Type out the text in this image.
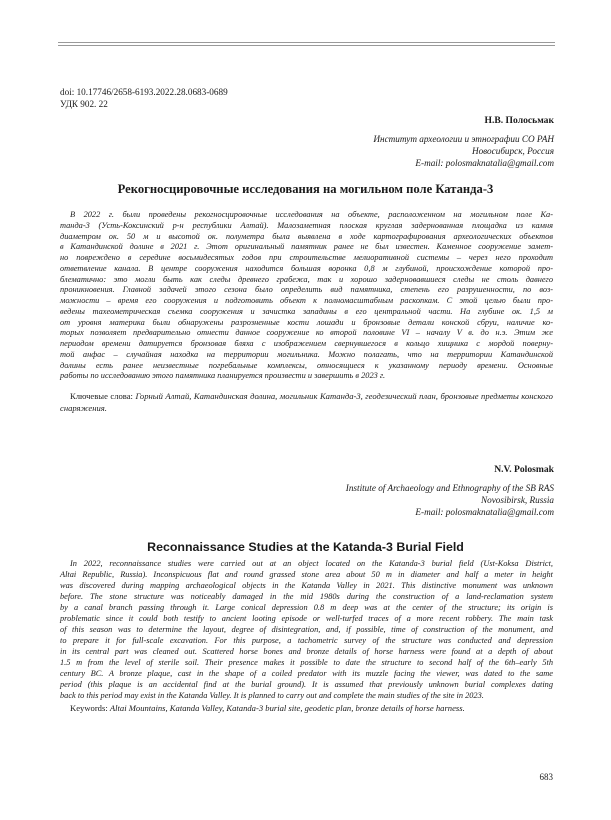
doi: 10.17746/2658-6193.2022.28.0683-0689
УДК 902. 22
Н.В. Полосьмак
Институт археологии и этнографии СО РАН
Новосибирск, Россия
E-mail: polosmaknatalia@gmail.com
Рекогносцировочные исследования на могильном поле Катанда-3
В 2022 г. были проведены рекогносцировочные исследования на объекте, расположенном на могильном поле Ка-
танда-3 (Усть-Коксинский р-н республики Алтай). Малозаметная плоская круглая задернованная площадка из камня
диаметром ок. 50 м и высотой ок. полуметра была выявлена в ходе картографирования археологических объектов
в Катандинской долине в 2021 г. Этот оригинальный памятник ранее не был известен. Каменное сооружение замет-
но повреждено в середине восьмидесятых годов при строительстве мелиоративной системы – через него проходит
ответвление канала. В центре сооружения находится большая воронка 0,8 м глубиной, происхождение которой про-
блематично: это могли быть как следы древнего грабежа, так и хорошо задерновавшиеся следы не столь давнего
проникновения. Главной задачей этого сезона было определить вид памятника, степень его разрушенности, по воз-
можности – время его сооружения и подготовить объект к полномасштабным раскопкам. С этой целью были про-
ведены тахеометрическая съемка сооружения и зачистка западины в его центральной части. На глубине ок. 1,5 м
от уровня материка были обнаружены разрозненные кости лошади и бронзовые детали конской сбруи, наличие ко-
торых позволяет предварительно отнести данное сооружение ко второй половине VI – началу V в. до н.э. Этим же
периодом времени датируется бронзовая бляха с изображением свернувшегося в кольцо хищника с мордой поверну-
той анфас – случайная находка на территории могильника. Можно полагать, что на территории Катандинской
долины есть ранее неизвестные погребальные комплексы, относящиеся к указанному периоду времени. Основные
работы по исследованию этого памятника планируется произвести и завершить в 2023 г.
Ключевые слова: Горный Алтай, Катандинская долина, могильник Катанда-3, геодезический план, бронзовые предметы конского снаряжения.
N.V. Polosmak
Institute of Archaeology and Ethnography of the SB RAS
Novosibirsk, Russia
E-mail: polosmaknatalia@gmail.com
Reconnaissance Studies at the Katanda-3 Burial Field
In 2022, reconnaissance studies were carried out at an object located on the Katanda-3 burial field (Ust-Koksa District,
Altai Republic, Russia). Inconspicuous flat and round grassed stone area about 50 m in diameter and half a meter in height
was discovered during mapping archaeological objects in the Katanda Valley in 2021. This distinctive monument was unknown
before. The stone structure was noticeably damaged in the mid 1980s during the construction of a land-reclamation system
by a canal branch passing through it. Large conical depression 0.8 m deep was at the center of the structure; its origin is
problematic since it could both testify to ancient looting episode or well-turfed traces of a more recent robbery. The main task
of this season was to determine the layout, degree of disintegration, and, if possible, time of construction of the monument, and
to prepare it for full-scale excavation. For this purpose, a tachometric survey of the structure was conducted and depression
in its central part was cleaned out. Scattered horse bones and bronze details of horse harness were found at a depth of about
1.5 m from the level of sterile soil. Their presence makes it possible to date the structure to second half of the 6th–early 5th
century BC. A bronze plaque, cast in the shape of a coiled predator with its muzzle facing the viewer, was dated to the same
period (this plaque is an accidental find at the burial ground). It is assumed that previously unknown burial complexes dating
back to this period may exist in the Katanda Valley. It is planned to carry out and complete the main studies of the site in 2023.
Keywords: Altai Mountains, Katanda Valley, Katanda-3 burial site, geodetic plan, bronze details of horse harness.
683
